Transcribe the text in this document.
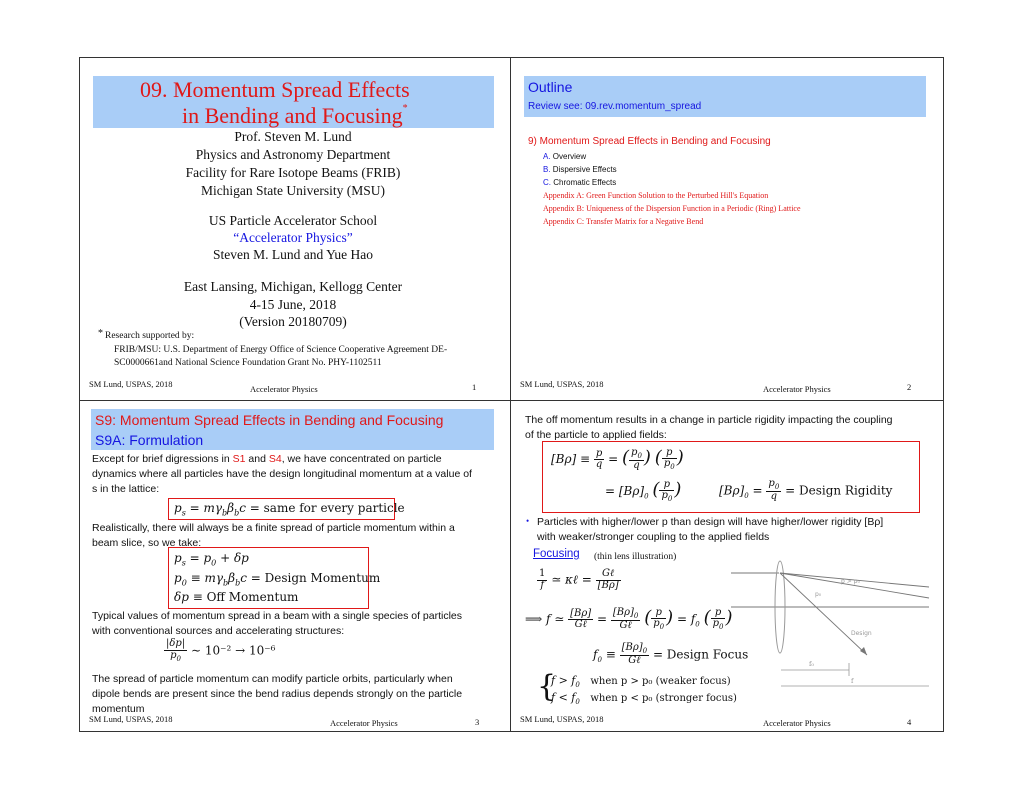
09. Momentum Spread Effects
in Bending and Focusing*
Prof. Steven M. Lund
Physics and Astronomy Department
Facility for Rare Isotope Beams (FRIB)
Michigan State University (MSU)
US Particle Accelerator School
“Accelerator Physics”
Steven M. Lund and Yue Hao
East Lansing, Michigan, Kellogg Center
4-15 June, 2018
(Version 20180709)
* Research supported by:
FRIB/MSU: U.S. Department of Energy Office of Science Cooperative Agreement DE-
SC0000661and National Science Foundation Grant No. PHY-1102511
SM Lund, USPAS, 2018	Accelerator Physics	1
Outline
Review see: 09.rev.momentum_spread
9) Momentum Spread Effects in Bending and Focusing
A. Overview
B. Dispersive Effects
C. Chromatic Effects
Appendix A: Green Function Solution to the Perturbed Hill's Equation
Appendix B: Uniqueness of the Dispersion Function in a Periodic (Ring) Lattice
Appendix C: Transfer Matrix for a Negative Bend
SM Lund, USPAS, 2018	Accelerator Physics	2
S9: Momentum Spread Effects in Bending and Focusing
S9A: Formulation
Except for brief digressions in S1 and S4, we have concentrated on particle
dynamics where all particles have the design longitudinal momentum at a value of
s in the lattice:
$p_s = m\gamma_b\beta_bc$ = same for every particle
Realistically, there will always be a finite spread of particle momentum within a
beam slice, so we take:
$p_s = p_0 + \delta p$
$p_0 \equiv m\gamma_b\beta_bc$ = Design Momentum
δp ≡ Off Momentum
Typical values of momentum spread in a beam with a single species of particles
with conventional sources and accelerating structures:
$\frac{|\delta p|}{p_0}$ ∼ 10⁻² → 10⁻⁶
The spread of particle momentum can modify particle orbits, particularly when
dipole bends are present since the bend radius depends strongly on the particle
momentum
SM Lund, USPAS, 2018	Accelerator Physics	3
The off momentum results in a change in particle rigidity impacting the coupling
of the particle to applied fields:
$[B\rho] \equiv \frac{p}{q}$ = ( $\frac{p_0}{q}$ ) ( $\frac{p}{p_0}$ )
= $[B\rho]_0$ ( $\frac{p}{p_0}$ )	$[B\rho]_0 = \frac{p_0}{q}$ = Design Rigidity
• Particles with higher/lower p than design will have higher/lower rigidity [Bρ]
with weaker/stronger coupling to the applied fields
Focusing (thin lens illustration)
$\frac{1}{f}$ ≃ κℓ = $\frac{\text{Gℓ}}{[B\rho]}$
⟹ f ≃ $\frac{[B\rho]}{\text{Gℓ}} = \frac{[B\rho]_0}{\text{Gℓ}}$ ( $\frac{p}{p_0}$ ) = $f_0$ ( $\frac{p}{p_0}$ )
$f_0 \equiv \frac{[B\rho]_0}{\text{Gℓ}}$ = Design Focus
{
$f > f_0$ when p > p₀ (weaker focus)
$f < f_0$ when p < p₀ (stronger focus)
p > p₀
p₀
Design
f₀
f
SM Lund, USPAS, 2018	Accelerator Physics	4
